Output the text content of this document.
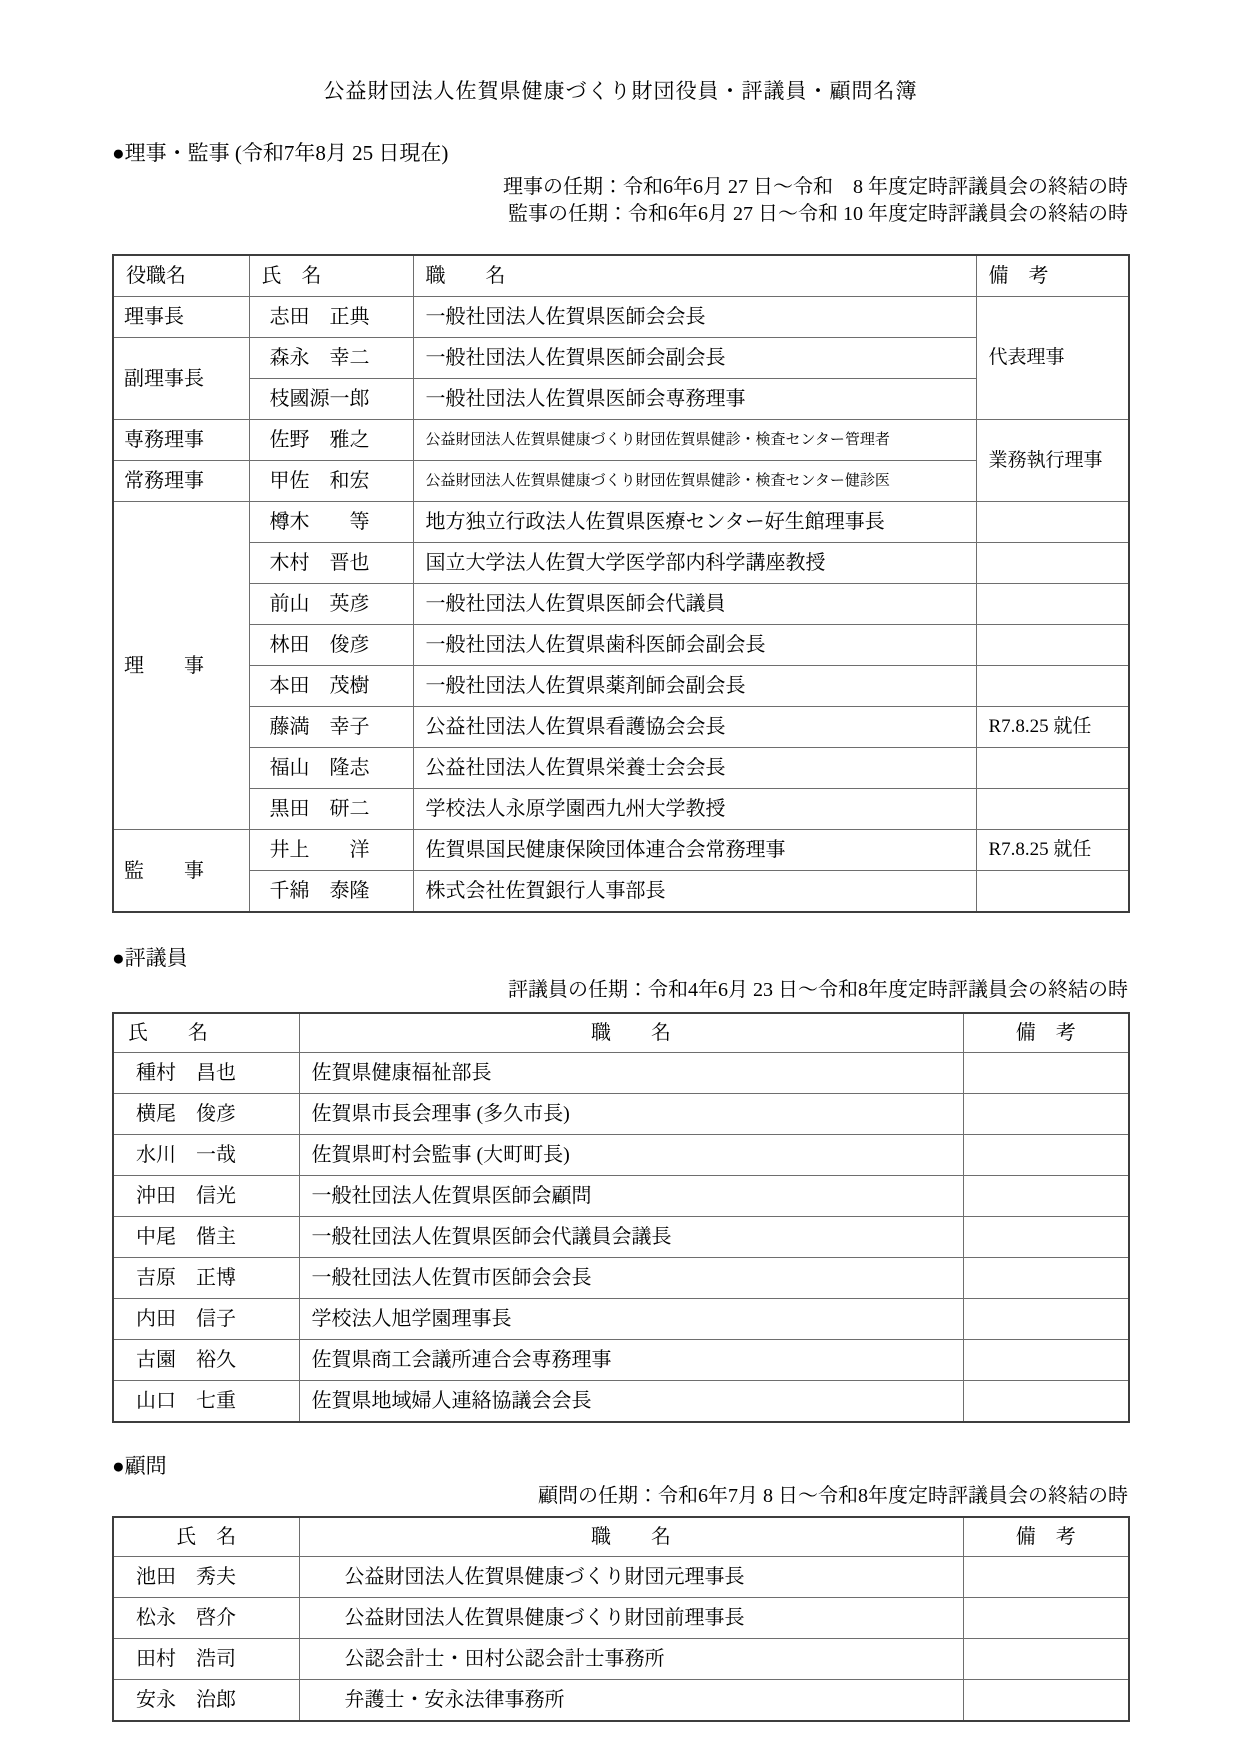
公益財団法人佐賀県健康づくり財団役員・評議員・顧問名簿
●理事・監事 (令和7年8月 25 日現在)
理事の任期：令和6年6月 27 日～令和　8 年度定時評議員会の終結の時
監事の任期：令和6年6月 27 日～令和 10 年度定時評議員会の終結の時
役職名	氏　名	職　　名	備　考
理事長	志田　正典	一般社団法人佐賀県医師会会長	代表理事
副理事長	森永　幸二	一般社団法人佐賀県医師会副会長	
	枝國源一郎	一般社団法人佐賀県医師会専務理事	
専務理事	佐野　雅之	公益財団法人佐賀県健康づくり財団佐賀県健診・検査センター管理者	業務執行理事
常務理事	甲佐　和宏	公益財団法人佐賀県健康づくり財団佐賀県健診・検査センター健診医	
理　　事	樽木　　等	地方独立行政法人佐賀県医療センター好生館理事長	
	木村　晋也	国立大学法人佐賀大学医学部内科学講座教授	
	前山　英彦	一般社団法人佐賀県医師会代議員	
	林田　俊彦	一般社団法人佐賀県歯科医師会副会長	
	本田　茂樹	一般社団法人佐賀県薬剤師会副会長	
	藤満　幸子	公益社団法人佐賀県看護協会会長	R7.8.25 就任
	福山　隆志	公益社団法人佐賀県栄養士会会長	
	黒田　研二	学校法人永原学園西九州大学教授	
監　　事	井上　　洋	佐賀県国民健康保険団体連合会常務理事	R7.8.25 就任
	千綿　泰隆	株式会社佐賀銀行人事部長	
●評議員
評議員の任期：令和4年6月 23 日～令和8年度定時評議員会の終結の時
氏　　名	職　　名	備　考
種村　昌也	佐賀県健康福祉部長	
横尾　俊彦	佐賀県市長会理事 (多久市長)	
水川　一哉	佐賀県町村会監事 (大町町長)	
沖田　信光	一般社団法人佐賀県医師会顧問	
中尾　偕主	一般社団法人佐賀県医師会代議員会議長	
吉原　正博	一般社団法人佐賀市医師会会長	
内田　信子	学校法人旭学園理事長	
古園　裕久	佐賀県商工会議所連合会専務理事	
山口　七重	佐賀県地域婦人連絡協議会会長	
●顧問
顧問の任期：令和6年7月 8 日～令和8年度定時評議員会の終結の時
氏　名	職　　名	備　考
池田　秀夫	公益財団法人佐賀県健康づくり財団元理事長	
松永　啓介	公益財団法人佐賀県健康づくり財団前理事長	
田村　浩司	公認会計士・田村公認会計士事務所	
安永　治郎	弁護士・安永法律事務所	
